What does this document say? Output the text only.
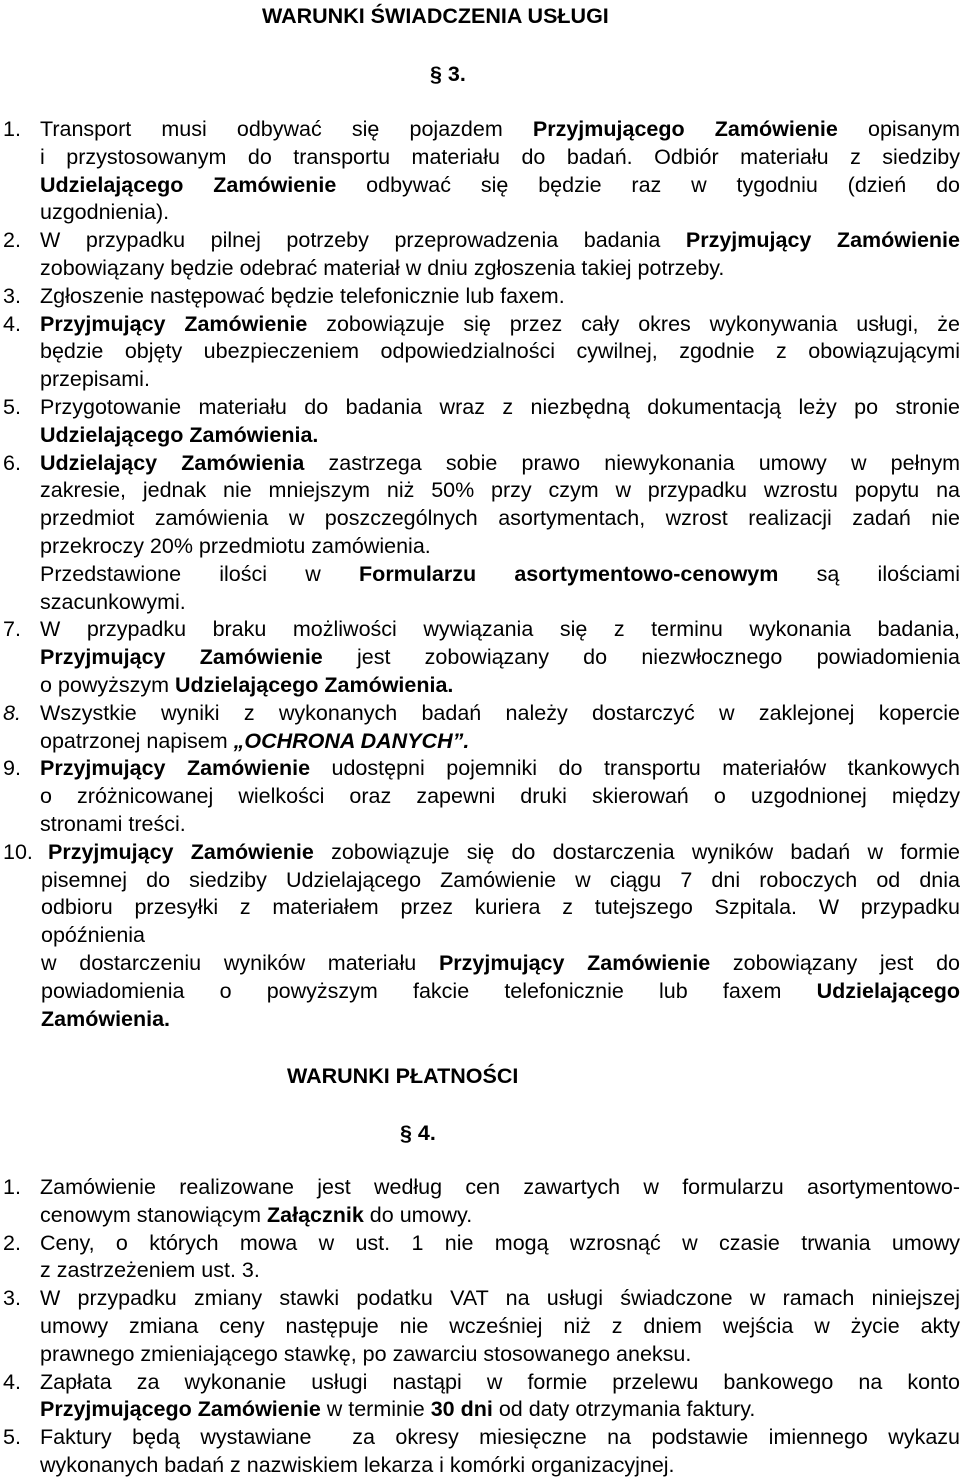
WARUNKI ŚWIADCZENIA USŁUGI
§ 3.
1. Transport musi odbywać się pojazdem Przyjmującego Zamówienie opisanym
i przystosowanym do transportu materiału do badań. Odbiór materiału z siedziby
Udzielającego Zamówienie odbywać się będzie raz w tygodniu (dzień do
uzgodnienia).
2. W przypadku pilnej potrzeby przeprowadzenia badania Przyjmujący Zamówienie
zobowiązany będzie odebrać materiał w dniu zgłoszenia takiej potrzeby.
3. Zgłoszenie następować będzie telefonicznie lub faxem.
4. Przyjmujący Zamówienie zobowiązuje się przez cały okres wykonywania usługi, że
będzie objęty ubezpieczeniem odpowiedzialności cywilnej, zgodnie z obowiązującymi
przepisami.
5. Przygotowanie materiału do badania wraz z niezbędną dokumentacją leży po stronie
Udzielającego Zamówienia.
6. Udzielający Zamówienia zastrzega sobie prawo niewykonania umowy w pełnym
zakresie, jednak nie mniejszym niż 50% przy czym w przypadku wzrostu popytu na
przedmiot zamówienia w poszczególnych asortymentach, wzrost realizacji zadań nie
przekroczy 20% przedmiotu zamówienia.
Przedstawione ilości w Formularzu asortymentowo-cenowym są ilościami
szacunkowymi.
7. W przypadku braku możliwości wywiązania się z terminu wykonania badania,
Przyjmujący Zamówienie jest zobowiązany do niezwłocznego powiadomienia
o powyższym Udzielającego Zamówienia.
8. Wszystkie wyniki z wykonanych badań należy dostarczyć w zaklejonej kopercie
opatrzonej napisem „OCHRONA DANYCH”.
9. Przyjmujący Zamówienie udostępni pojemniki do transportu materiałów tkankowych
o zróżnicowanej wielkości oraz zapewni druki skierowań o uzgodnionej między
stronami treści.
10. Przyjmujący Zamówienie zobowiązuje się do dostarczenia wyników badań w formie
pisemnej do siedziby Udzielającego Zamówienie w ciągu 7 dni roboczych od dnia
odbioru przesyłki z materiałem przez kuriera z tutejszego Szpitala. W przypadku
opóźnienia
w dostarczeniu wyników materiału Przyjmujący Zamówienie zobowiązany jest do
powiadomienia o powyższym fakcie telefonicznie lub faxem Udzielającego
Zamówienia.
WARUNKI PŁATNOŚCI
§ 4.
1. Zamówienie realizowane jest według cen zawartych w formularzu asortymentowo-
cenowym stanowiącym Załącznik do umowy.
2. Ceny, o których mowa w ust. 1 nie mogą wzrosnąć w czasie trwania umowy
z zastrzeżeniem ust. 3.
3. W przypadku zmiany stawki podatku VAT na usługi świadczone w ramach niniejszej
umowy zmiana ceny następuje nie wcześniej niż z dniem wejścia w życie akty
prawnego zmieniającego stawkę, po zawarciu stosowanego aneksu.
4. Zapłata za wykonanie usługi nastąpi w formie przelewu bankowego na konto
Przyjmującego Zamówienie w terminie 30 dni od daty otrzymania faktury.
5. Faktury będą wystawiane  za okresy miesięczne na podstawie imiennego wykazu
wykonanych badań z nazwiskiem lekarza i komórki organizacyjnej.
